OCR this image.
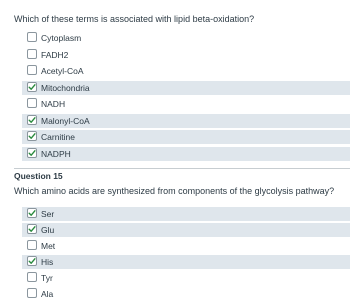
Which of these terms is associated with lipid beta-oxidation?
Cytoplasm
FADH2
Acetyl-CoA
Mitochondria
NADH
Malonyl-CoA
Carnitine
NADPH
Question 15
Which amino acids are synthesized from components of the glycolysis pathway?
Ser
Glu
Met
His
Tyr
Ala
